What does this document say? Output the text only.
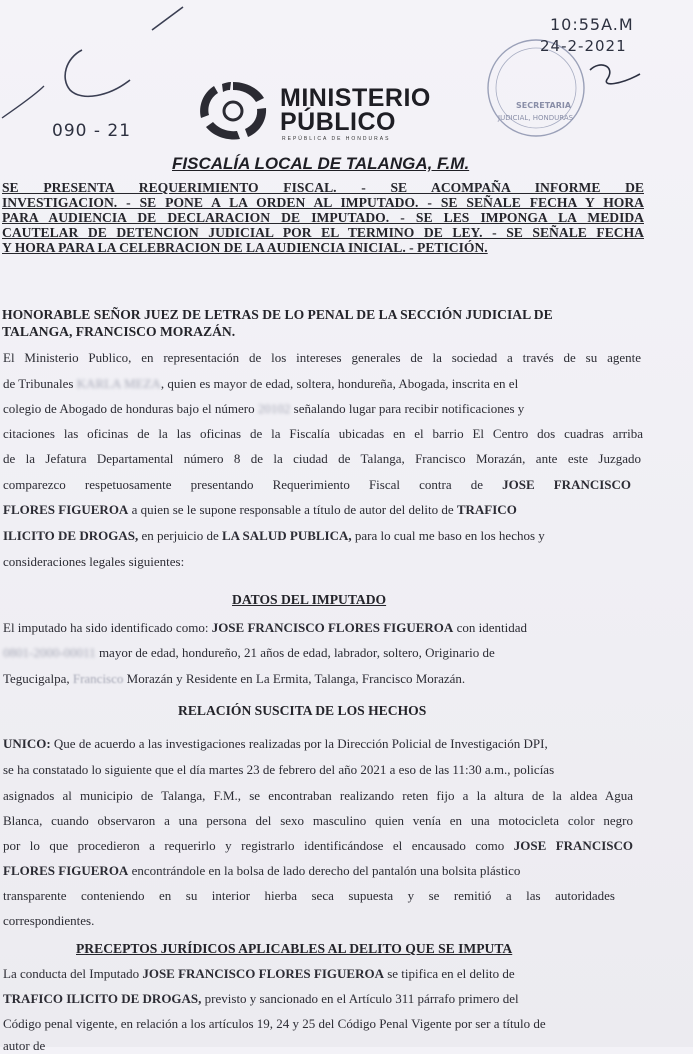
090 - 21
SECRETARIA
JUDICIAL, HONDURAS
10:55A.M
24-2-2021
MINISTERIO
PÚBLICO
REPÚBLICA DE HONDURAS
FISCALÍA LOCAL DE TALANGA, F.M.
SE PRESENTA REQUERIMIENTO FISCAL. - SE ACOMPAÑA INFORME DE
INVESTIGACION. - SE PONE A LA ORDEN AL IMPUTADO. - SE SEÑALE FECHA Y HORA
PARA AUDIENCIA DE DECLARACION DE IMPUTADO. - SE LES IMPONGA LA MEDIDA
CAUTELAR DE DETENCION JUDICIAL POR EL TERMINO DE LEY. - SE SEÑALE FECHA
Y HORA PARA LA CELEBRACION DE LA AUDIENCIA INICIAL. - PETICIÓN.
HONORABLE SEÑOR JUEZ DE LETRAS DE LO PENAL DE LA SECCIÓN JUDICIAL DE
TALANGA, FRANCISCO MORAZÁN.
El Ministerio Publico, en representación de los intereses generales de la sociedad a través de su agente
de Tribunales KARLA MEZA, quien es mayor de edad, soltera, hondureña, Abogada, inscrita en el
colegio de Abogado de honduras bajo el número 20102 señalando lugar para recibir notificaciones y
citaciones las oficinas de la las oficinas de la Fiscalía ubicadas en el barrio El Centro dos cuadras arriba
de la Jefatura Departamental número 8 de la ciudad de Talanga, Francisco Morazán, ante este Juzgado
comparezco respetuosamente presentando Requerimiento Fiscal contra de JOSE FRANCISCO
FLORES FIGUEROA a quien se le supone responsable a título de autor del delito de TRAFICO
ILICITO DE DROGAS, en perjuicio de LA SALUD PUBLICA, para lo cual me baso en los hechos y
consideraciones legales siguientes:
DATOS DEL IMPUTADO
El imputado ha sido identificado como: JOSE FRANCISCO FLORES FIGUEROA con identidad
0801-2000-00011 mayor de edad, hondureño, 21 años de edad, labrador, soltero, Originario de
Tegucigalpa, Francisco Morazán y Residente en La Ermita, Talanga, Francisco Morazán.
RELACIÓN SUSCITA DE LOS HECHOS
UNICO: Que de acuerdo a las investigaciones realizadas por la Dirección Policial de Investigación DPI,
se ha constatado lo siguiente que el día martes 23 de febrero del año 2021 a eso de las 11:30 a.m., policías
asignados al municipio de Talanga, F.M., se encontraban realizando reten fijo a la altura de la aldea Agua
Blanca, cuando observaron a una persona del sexo masculino quien venía en una motocicleta color negro
por lo que procedieron a requerirlo y registrarlo identificándose el encausado como JOSE FRANCISCO
FLORES FIGUEROA encontrándole en la bolsa de lado derecho del pantalón una bolsita plástico
transparente conteniendo en su interior hierba seca supuesta y se remitió a las autoridades
correspondientes.
PRECEPTOS JURÍDICOS APLICABLES AL DELITO QUE SE IMPUTA
La conducta del Imputado JOSE FRANCISCO FLORES FIGUEROA se tipifica en el delito de
TRAFICO ILICITO DE DROGAS, previsto y sancionado en el Artículo 311 párrafo primero del
Código penal vigente, en relación a los artículos 19, 24 y 25 del Código Penal Vigente por ser a título de
autor de
